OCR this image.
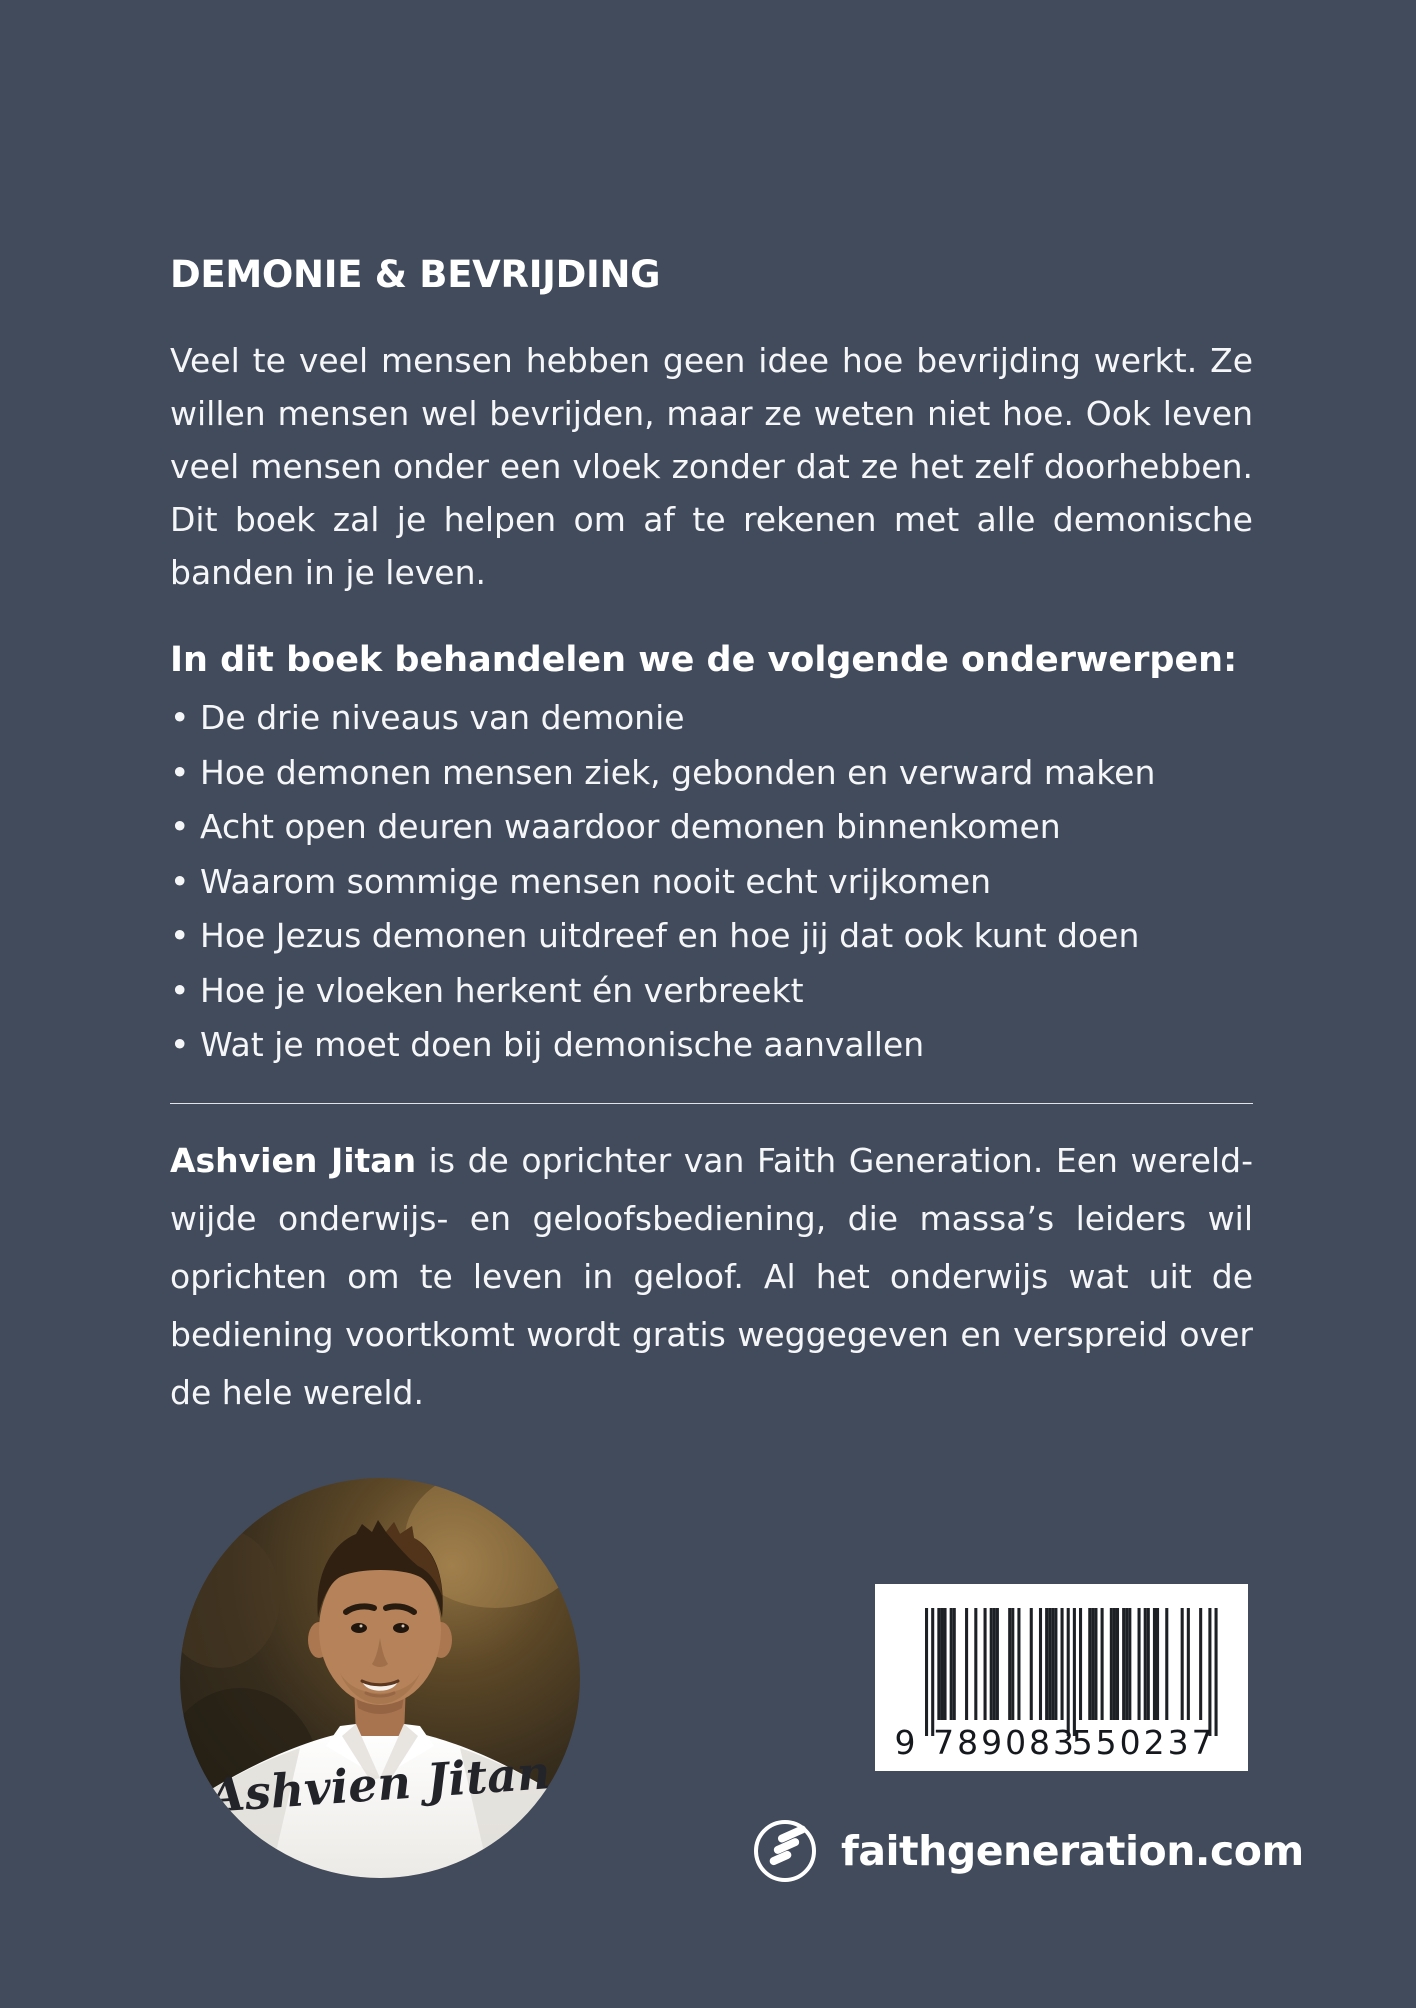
DEMONIE & BEVRIJDING

Veel te veel mensen hebben geen idee hoe bevrijding werkt. Ze willen mensen wel bevrijden, maar ze weten niet hoe. Ook leven veel mensen onder een vloek zonder dat ze het zelf doorhebben. Dit boek zal je helpen om af te rekenen met alle demonische banden in je leven.

In dit boek behandelen we de volgende onderwerpen:
• De drie niveaus van demonie
• Hoe demonen mensen ziek, gebonden en verward maken
• Acht open deuren waardoor demonen binnenkomen
• Waarom sommige mensen nooit echt vrijkomen
• Hoe Jezus demonen uitdreef en hoe jij dat ook kunt doen
• Hoe je vloeken herkent én verbreekt
• Wat je moet doen bij demonische aanvallen

Ashvien Jitan is de oprichter van Faith Generation. Een wereld-wijde onderwijs- en geloofsbediening, die massa’s leiders wil oprichten om te leven in geloof. Al het onderwijs wat uit de bediening voortkomt wordt gratis weggegeven en verspreid over de hele wereld.

Ashvien Jitan
9 789083
550237
faithgeneration.com
